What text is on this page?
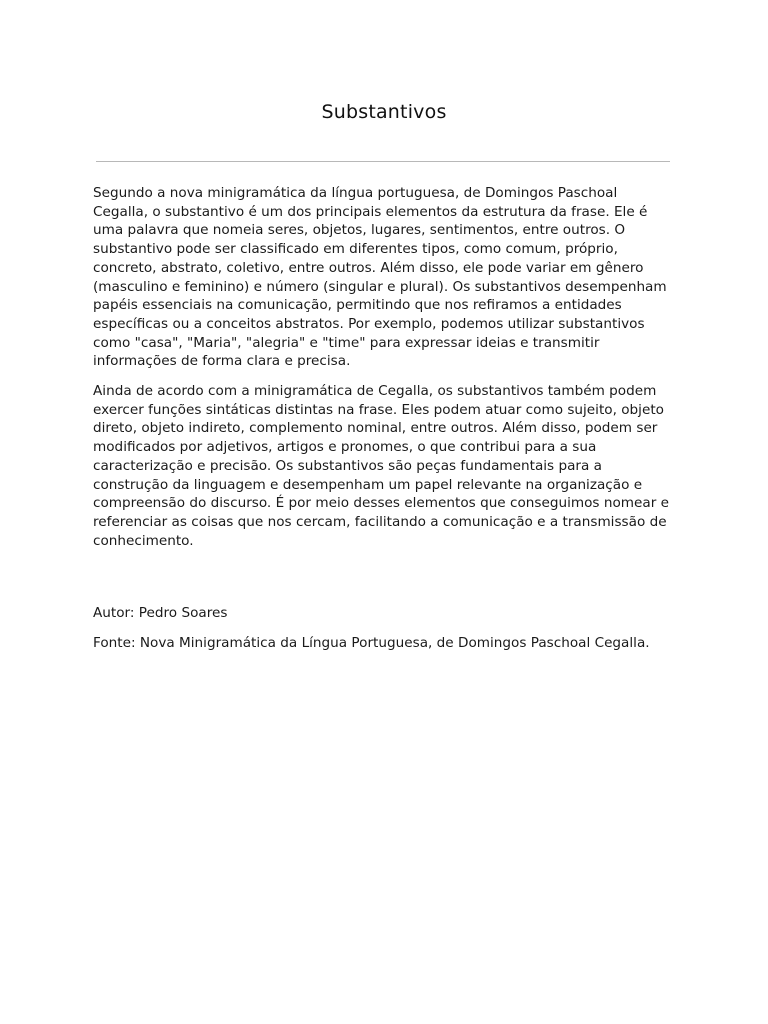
Substantivos

Segundo a nova minigramática da língua portuguesa, de Domingos Paschoal Cegalla, o substantivo é um dos principais elementos da estrutura da frase. Ele é uma palavra que nomeia seres, objetos, lugares, sentimentos, entre outros. O substantivo pode ser classificado em diferentes tipos, como comum, próprio, concreto, abstrato, coletivo, entre outros. Além disso, ele pode variar em gênero (masculino e feminino) e número (singular e plural). Os substantivos desempenham papéis essenciais na comunicação, permitindo que nos refiramos a entidades específicas ou a conceitos abstratos. Por exemplo, podemos utilizar substantivos como "casa", "Maria", "alegria" e "time" para expressar ideias e transmitir informações de forma clara e precisa.

Ainda de acordo com a minigramática de Cegalla, os substantivos também podem exercer funções sintáticas distintas na frase. Eles podem atuar como sujeito, objeto direto, objeto indireto, complemento nominal, entre outros. Além disso, podem ser modificados por adjetivos, artigos e pronomes, o que contribui para a sua caracterização e precisão. Os substantivos são peças fundamentais para a construção da linguagem e desempenham um papel relevante na organização e compreensão do discurso. É por meio desses elementos que conseguimos nomear e referenciar as coisas que nos cercam, facilitando a comunicação e a transmissão de conhecimento.

Autor: Pedro Soares

Fonte: Nova Minigramática da Língua Portuguesa, de Domingos Paschoal Cegalla.
